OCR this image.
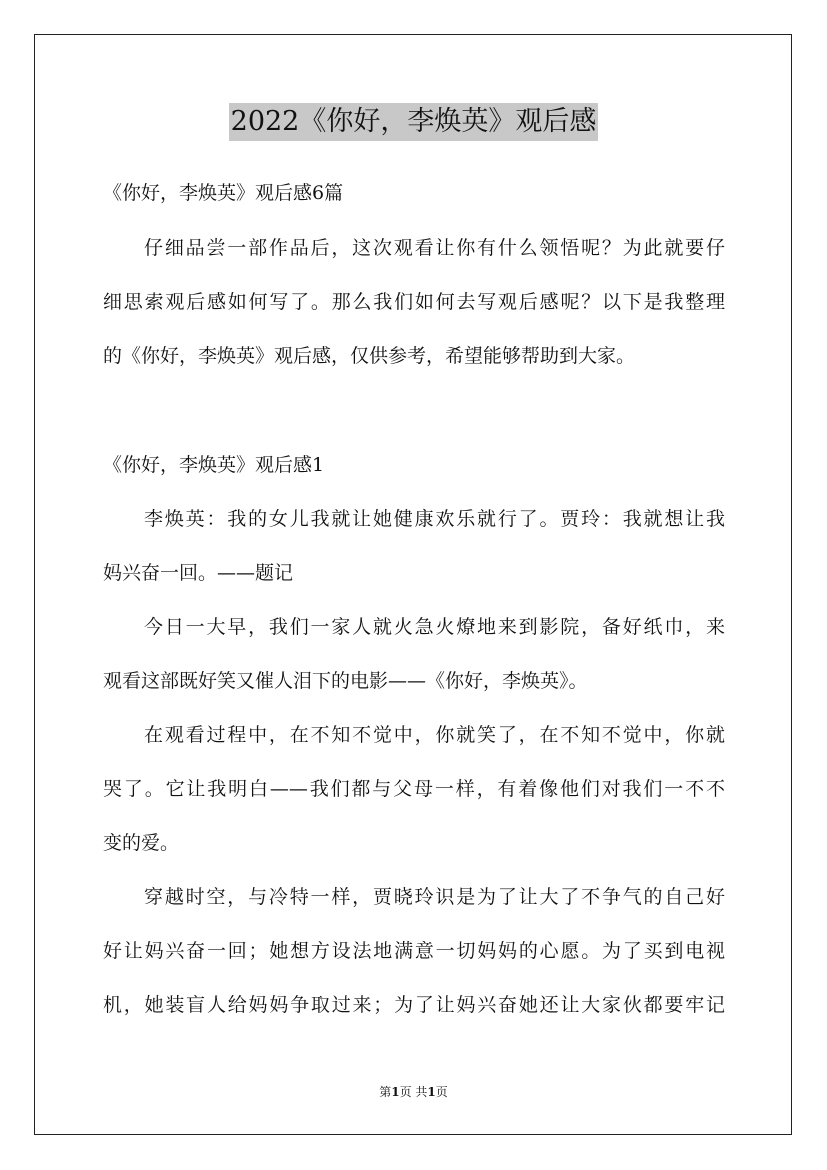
2022《你好，李焕英》观后感
《你好，李焕英》观后感6篇
仔细品尝一部作品后，这次观看让你有什么领悟呢？为此就要仔
细思索观后感如何写了。那么我们如何去写观后感呢？以下是我整理
的《你好，李焕英》观后感，仅供参考，希望能够帮助到大家。
《你好，李焕英》观后感1
李焕英：我的女儿我就让她健康欢乐就行了。贾玲：我就想让我
妈兴奋一回。——题记
今日一大早，我们一家人就火急火燎地来到影院，备好纸巾，来
观看这部既好笑又催人泪下的电影——《你好，李焕英》。
在观看过程中，在不知不觉中，你就笑了，在不知不觉中，你就
哭了。它让我明白——我们都与父母一样，有着像他们对我们一不不
变的爱。
穿越时空，与冷特一样，贾晓玲识是为了让大了不争气的自己好
好让妈兴奋一回；她想方设法地满意一切妈妈的心愿。为了买到电视
机，她装盲人给妈妈争取过来；为了让妈兴奋她还让大家伙都要牢记
第1页 共1页
